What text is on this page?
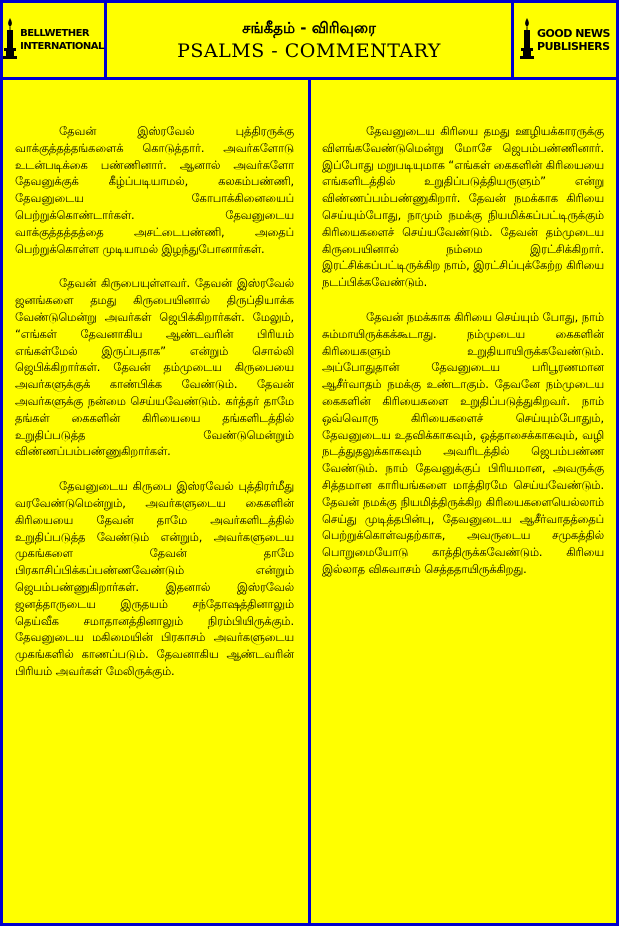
BELLWETHER
INTERNATIONAL
சங்கீதம் - விரிவுரை
PSALMS - COMMENTARY
GOOD NEWS
PUBLISHERS

தேவன் இஸ்ரவேல் புத்திரருக்கு வாக்குத்தத்தங்களைக் கொடுத்தார். அவர்களோடு உடன்படிக்கை பண்ணினார். ஆனால் அவர்களோ தேவனுக்குக் கீழ்ப்படியாமல், கலகம்பண்ணி, தேவனுடைய கோபாக்கினையைப் பெற்றுக்கொண்டார்கள். தேவனுடைய வாக்குத்தத்தத்தை அசட்டைபண்ணி, அதைப் பெற்றுக்கொள்ள முடியாமல் இழந்துபோனார்கள்.

தேவன் கிருபையுள்ளவர். தேவன் இஸ்ரவேல் ஜனங்களை தமது கிருபையினால் திருப்தியாக்க வேண்டுமென்று அவர்கள் ஜெபிக்கிறார்கள். மேலும், “எங்கள் தேவனாகிய ஆண்டவரின் பிரியம் எங்கள்மேல் இருப்பதாக” என்றும் சொல்லி ஜெபிக்கிறார்கள். தேவன் தம்முடைய கிருபையை அவர்களுக்குக் காண்பிக்க வேண்டும். தேவன் அவர்களுக்கு நன்மை செய்யவேண்டும். கர்த்தர் தாமே தங்கள் கைகளின் கிரியையை தங்களிடத்தில் உறுதிப்படுத்த வேண்டுமென்றும் விண்ணப்பம்பண்ணுகிறார்கள்.

தேவனுடைய கிருபை இஸ்ரவேல் புத்திரர்மீது வரவேண்டுமென்றும், அவர்களுடைய கைகளின் கிரியையை தேவன் தாமே அவர்களிடத்தில் உறுதிப்படுத்த வேண்டும் என்றும், அவர்களுடைய முகங்களை தேவன் தாமே பிரகாசிப்பிக்கப்பண்ணவேண்டும் என்றும் ஜெபம்பண்ணுகிறார்கள். இதனால் இஸ்ரவேல் ஜனத்தாருடைய இருதயம் சந்தோஷத்தினாலும் தெய்வீக சமாதானத்தினாலும் நிரம்பியிருக்கும். தேவனுடைய மகிமையின் பிரகாசம் அவர்களுடைய முகங்களில் காணப்படும். தேவனாகிய ஆண்டவரின் பிரியம் அவர்கள் மேலிருக்கும்.

தேவனுடைய கிரியை தமது ஊழியக்காரருக்கு விளங்கவேண்டுமென்று மோசே ஜெபம்பண்ணினார். இப்போது மறுபடியுமாக “எங்கள் கைகளின் கிரியையை எங்களிடத்தில் உறுதிப்படுத்தியருளும்” என்று விண்ணப்பம்பண்ணுகிறார். தேவன் நமக்காக கிரியை செய்யும்போது, நாமும் நமக்கு நியமிக்கப்பட்டிருக்கும் கிரியைகளைச் செய்யவேண்டும். தேவன் தம்முடைய கிருபையினால் நம்மை இரட்சிக்கிறார். இரட்சிக்கப்பட்டிருக்கிற நாம், இரட்சிப்புக்கேற்ற கிரியை நடப்பிக்கவேண்டும்.

தேவன் நமக்காக கிரியை செய்யும் போது, நாம் சும்மாயிருக்கக்கூடாது. நம்முடைய கைகளின் கிரியைகளும் உறுதியாயிருக்கவேண்டும். அப்போதுதான் தேவனுடைய பரிபூரணமான ஆசீர்வாதம் நமக்கு உண்டாகும். தேவனே நம்முடைய கைகளின் கிரியைகளை உறுதிப்படுத்துகிறவர். நாம் ஒவ்வொரு கிரியைகளைச் செய்யும்போதும், தேவனுடைய உதவிக்காகவும், ஒத்தாசைக்காகவும், வழி நடத்துதலுக்காகவும் அவரிடத்தில் ஜெபம்பண்ண வேண்டும். நாம் தேவனுக்குப் பிரியமான, அவருக்கு சித்தமான காரியங்களை மாத்திரமே செய்யவேண்டும். தேவன் நமக்கு நியமித்திருக்கிற கிரியைகளையெல்லாம் செய்து முடித்தபின்பு, தேவனுடைய ஆசீர்வாதத்தைப் பெற்றுக்கொள்வதற்காக, அவருடைய சமுகத்தில் பொறுமையோடு காத்திருக்கவேண்டும். கிரியை இல்லாத விசுவாசம் செத்ததாயிருக்கிறது.
